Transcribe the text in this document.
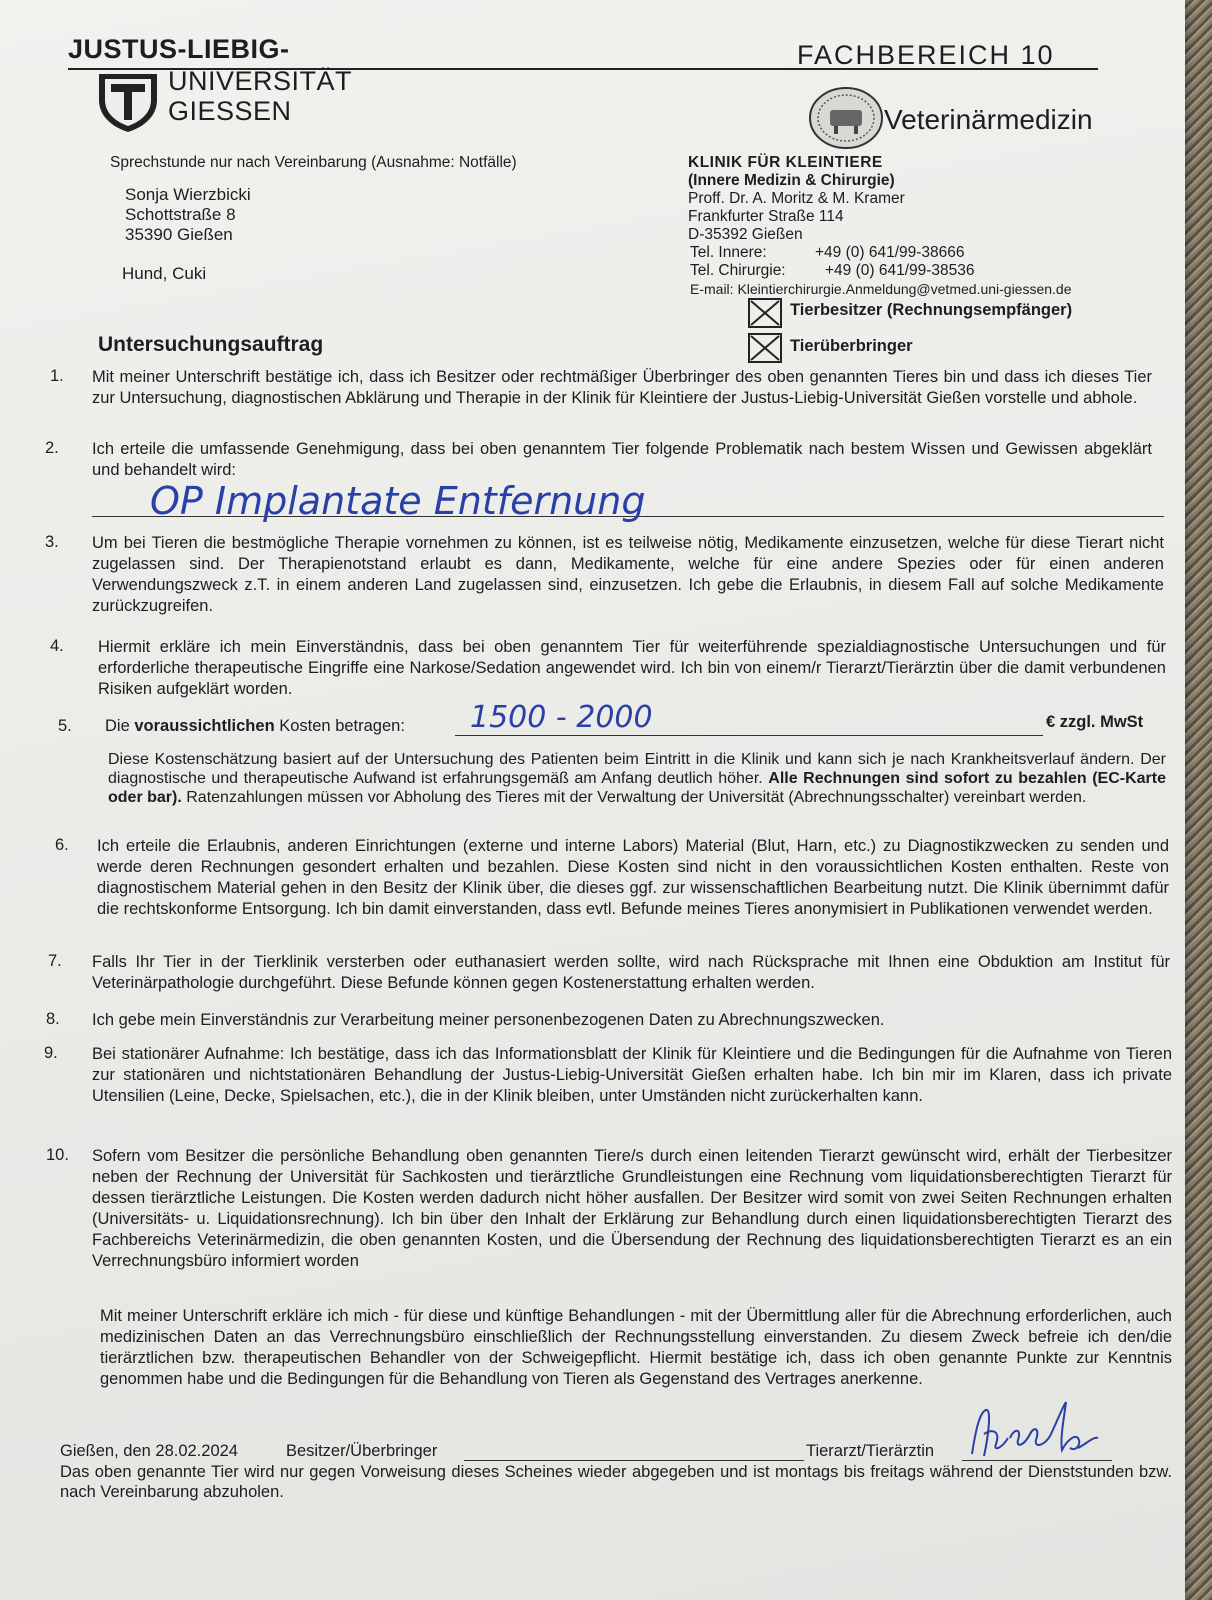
JUSTUS-LIEBIG-	FACHBEREICH 10
UNIVERSITÄT
GIESSEN	Veterinärmedizin
Sprechstunde nur nach Vereinbarung (Ausnahme: Notfälle)
Sonja Wierzbicki
Schottstraße 8
35390 Gießen
Hund, Cuki
KLINIK FÜR KLEINTIERE
(Innere Medizin & Chirurgie)
Proff. Dr. A. Moritz & M. Kramer
Frankfurter Straße 114
D-35392 Gießen
Tel. Innere:	+49 (0) 641/99-38666
Tel. Chirurgie:	+49 (0) 641/99-38536
E-mail: Kleintierchirurgie.Anmeldung@vetmed.uni-giessen.de
Tierbesitzer (Rechnungsempfänger)
Tierüberbringer
Untersuchungsauftrag
1. Mit meiner Unterschrift bestätige ich, dass ich Besitzer oder rechtmäßiger Überbringer des oben genannten Tieres bin und dass ich dieses Tier zur Untersuchung, diagnostischen Abklärung und Therapie in der Klinik für Kleintiere der Justus-Liebig-Universität Gießen vorstelle und abhole.
2. Ich erteile die umfassende Genehmigung, dass bei oben genanntem Tier folgende Problematik nach bestem Wissen und Gewissen abgeklärt und behandelt wird:
OP Implantate Entfernung
3. Um bei Tieren die bestmögliche Therapie vornehmen zu können, ist es teilweise nötig, Medikamente einzusetzen, welche für diese Tierart nicht zugelassen sind. Der Therapienotstand erlaubt es dann, Medikamente, welche für eine andere Spezies oder für einen anderen Verwendungszweck z.T. in einem anderen Land zugelassen sind, einzusetzen. Ich gebe die Erlaubnis, in diesem Fall auf solche Medikamente zurückzugreifen.
4. Hiermit erkläre ich mein Einverständnis, dass bei oben genanntem Tier für weiterführende spezialdiagnostische Untersuchungen und für erforderliche therapeutische Eingriffe eine Narkose/Sedation angewendet wird. Ich bin von einem/r Tierarzt/Tierärztin über die damit verbundenen Risiken aufgeklärt worden.
5. Die voraussichtlichen Kosten betragen: 1500 - 2000	€ zzgl. MwSt
Diese Kostenschätzung basiert auf der Untersuchung des Patienten beim Eintritt in die Klinik und kann sich je nach Krankheitsverlauf ändern. Der diagnostische und therapeutische Aufwand ist erfahrungsgemäß am Anfang deutlich höher. Alle Rechnungen sind sofort zu bezahlen (EC-Karte oder bar). Ratenzahlungen müssen vor Abholung des Tieres mit der Verwaltung der Universität (Abrechnungsschalter) vereinbart werden.
6. Ich erteile die Erlaubnis, anderen Einrichtungen (externe und interne Labors) Material (Blut, Harn, etc.) zu Diagnostikzwecken zu senden und werde deren Rechnungen gesondert erhalten und bezahlen. Diese Kosten sind nicht in den voraussichtlichen Kosten enthalten. Reste von diagnostischem Material gehen in den Besitz der Klinik über, die dieses ggf. zur wissenschaftlichen Bearbeitung nutzt. Die Klinik übernimmt dafür die rechtskonforme Entsorgung. Ich bin damit einverstanden, dass evtl. Befunde meines Tieres anonymisiert in Publikationen verwendet werden.
7. Falls Ihr Tier in der Tierklinik versterben oder euthanasiert werden sollte, wird nach Rücksprache mit Ihnen eine Obduktion am Institut für Veterinärpathologie durchgeführt. Diese Befunde können gegen Kostenerstattung erhalten werden.
8. Ich gebe mein Einverständnis zur Verarbeitung meiner personenbezogenen Daten zu Abrechnungszwecken.
9. Bei stationärer Aufnahme: Ich bestätige, dass ich das Informationsblatt der Klinik für Kleintiere und die Bedingungen für die Aufnahme von Tieren zur stationären und nichtstationären Behandlung der Justus-Liebig-Universität Gießen erhalten habe. Ich bin mir im Klaren, dass ich private Utensilien (Leine, Decke, Spielsachen, etc.), die in der Klinik bleiben, unter Umständen nicht zurückerhalten kann.
10. Sofern vom Besitzer die persönliche Behandlung oben genannten Tiere/s durch einen leitenden Tierarzt gewünscht wird, erhält der Tierbesitzer neben der Rechnung der Universität für Sachkosten und tierärztliche Grundleistungen eine Rechnung vom liquidationsberechtigten Tierarzt für dessen tierärztliche Leistungen. Die Kosten werden dadurch nicht höher ausfallen. Der Besitzer wird somit von zwei Seiten Rechnungen erhalten (Universitäts- u. Liquidationsrechnung). Ich bin über den Inhalt der Erklärung zur Behandlung durch einen liquidationsberechtigten Tierarzt des Fachbereichs Veterinärmedizin, die oben genannten Kosten, und die Übersendung der Rechnung des liquidationsberechtigten Tierarzt es an ein Verrechnungsbüro informiert worden
Mit meiner Unterschrift erkläre ich mich - für diese und künftige Behandlungen - mit der Übermittlung aller für die Abrechnung erforderlichen, auch medizinischen Daten an das Verrechnungsbüro einschließlich der Rechnungsstellung einverstanden. Zu diesem Zweck befreie ich den/die tierärztlichen bzw. therapeutischen Behandler von der Schweigepflicht. Hiermit bestätige ich, dass ich oben genannte Punkte zur Kenntnis genommen habe und die Bedingungen für die Behandlung von Tieren als Gegenstand des Vertrages anerkenne.
Gießen, den 28.02.2024	Besitzer/Überbringer	Tierarzt/Tierärztin
Das oben genannte Tier wird nur gegen Vorweisung dieses Scheines wieder abgegeben und ist montags bis freitags während der Dienststunden bzw. nach Vereinbarung abzuholen.
